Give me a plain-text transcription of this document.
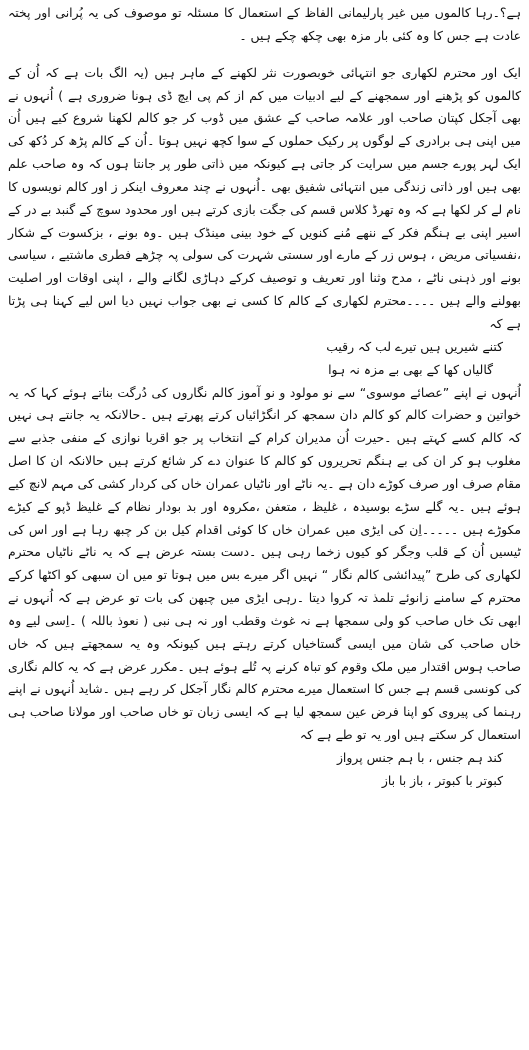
ہے؟۔رہا کالموں میں غیر پارلیمانی الفاظ کے استعمال کا مسئلہ تو موصوف کی یہ پُرانی اور پختہ عادت ہے جس کا وہ کئی بار مزہ بھی چکھ چکے ہیں ۔

ایک اور محترم لکھاری جو انتہائی خوبصورت نثر لکھنے کے ماہر ہیں (یہ الگ بات ہے کہ اُن کے کالموں کو پڑھنے اور سمجھنے کے لیے ادبیات میں کم از کم پی ایچ ڈی ہونا ضروری ہے ) اُنہوں نے بھی آجکل کپتان صاحب اور علامہ صاحب کے عشق میں ڈوب کر جو کالم لکھنا شروع کیے ہیں اُن میں اپنی ہی برادری کے لوگوں پر رکیک حملوں کے سوا کچھ نہیں ہوتا ۔اُن کے کالم پڑھ کر دُکھ کی ایک لہر پورے جسم میں سرایت کر جاتی ہے کیونکہ میں ذاتی طور پر جانتا ہوں کہ وہ صاحب علم بھی ہیں اور ذاتی زندگی میں انتہائی شفیق بھی ۔اُنہوں نے چند معروف اینکر ز اور کالم نویسوں کا نام لے کر لکھا ہے کہ وہ تھرڈ کلاس قسم کی جگت بازی کرتے ہیں اور محدود سوچ کے گنبد بے در کے اسیر اپنی بے ہنگم فکر کے ننھے مُنے کنویں کے خود بینی مینڈک ہیں ۔وہ بونے ، بزکسوت کے شکار ،نفسیاتی مریض ، ہوس زر کے مارے اور سستی شہرت کی سولی پہ چڑھے فطری ماشتیے ، سیاسی بونے اور ذہنی ناٹے ، مدح وثنا اور تعریف و توصیف کرکے دہاڑی لگانے والے ، اپنی اوقات اور اصلیت بھولنے والے ہیں ۔۔۔۔محترم لکھاری کے کالم کا کسی نے بھی جواب نہیں دیا اس لیے کہنا ہی پڑتا ہے کہ

کتنے شیریں ہیں تیرے لب کہ رقیب
گالیاں کھا کے بھی بے مزہ نہ ہوا

اُنہوں نے اپنے ”عصائے موسوی“ سے نو مولود و نو آموز کالم نگاروں کی دُرگت بناتے ہوئے کہا کہ یہ خواتین و حضرات کالم کو کالم دان سمجھ کر انگڑائیاں کرتے پھرتے ہیں ۔حالانکہ یہ جانتے ہی نہیں کہ کالم کسے کہتے ہیں ۔حیرت اُن مدیران کرام کے انتخاب پر جو اقربا نوازی کے منفی جذبے سے مغلوب ہو کر ان کی بے ہنگم تحریروں کو کالم کا عنوان دے کر شائع کرتے ہیں حالانکہ ان کا اصل مقام صرف اور صرف کوڑے دان ہے ۔یہ ناٹے اور ناٹیاں عمران خاں کی کردار کشی کی مہم لانچ کیے ہوئے ہیں ۔یہ گلے سڑے بوسیدہ ، غلیظ ، متعفن ،مکروہ اور بد بودار نظام کے غلیظ ڈپو کے کیڑے مکوڑے ہیں ۔۔۔۔۔اِن کی ایڑی میں عمران خاں کا کوئی اقدام کیل بن کر چبھ رہا ہے اور اس کی ٹیسیں اُن کے قلب وجگر کو کیوں زخما رہی ہیں ۔دست بستہ عرض ہے کہ یہ ناٹے ناٹیاں محترم لکھاری کی طرح ”پیدائشی کالم نگار “ نہیں اگر میرے بس میں ہوتا تو میں ان سبھی کو اکٹھا کرکے محترم کے سامنے زانوئے تلمذ تہ کروا دیتا ۔رہی ایڑی میں چبھن کی بات تو عرض ہے کہ اُنہوں نے ابھی تک خاں صاحب کو ولی سمجھا ہے نہ غوث وقطب اور نہ ہی نبی ( نعوذ باللہ ) ۔اِسی لیے وہ خاں صاحب کی شان میں ایسی گستاخیاں کرتے رہتے ہیں کیونکہ وہ یہ سمجھتے ہیں کہ خاں صاحب ہوس اقتدار میں ملک وقوم کو تباہ کرنے پہ تُلے ہوئے ہیں ۔مکرر عرض ہے کہ یہ کالم نگاری کی کونسی قسم ہے جس کا استعمال میرے محترم کالم نگار آجکل کر رہے ہیں ۔شاید اُنہوں نے اپنے رہنما کی پیروی کو اپنا فرض عین سمجھ لیا ہے کہ ایسی زبان تو خاں صاحب اور مولانا صاحب ہی استعمال کر سکتے ہیں اور یہ تو طے ہے کہ

کند ہم جنس ، با ہم جنس پرواز
کبوتر با کبوتر ، باز با باز
